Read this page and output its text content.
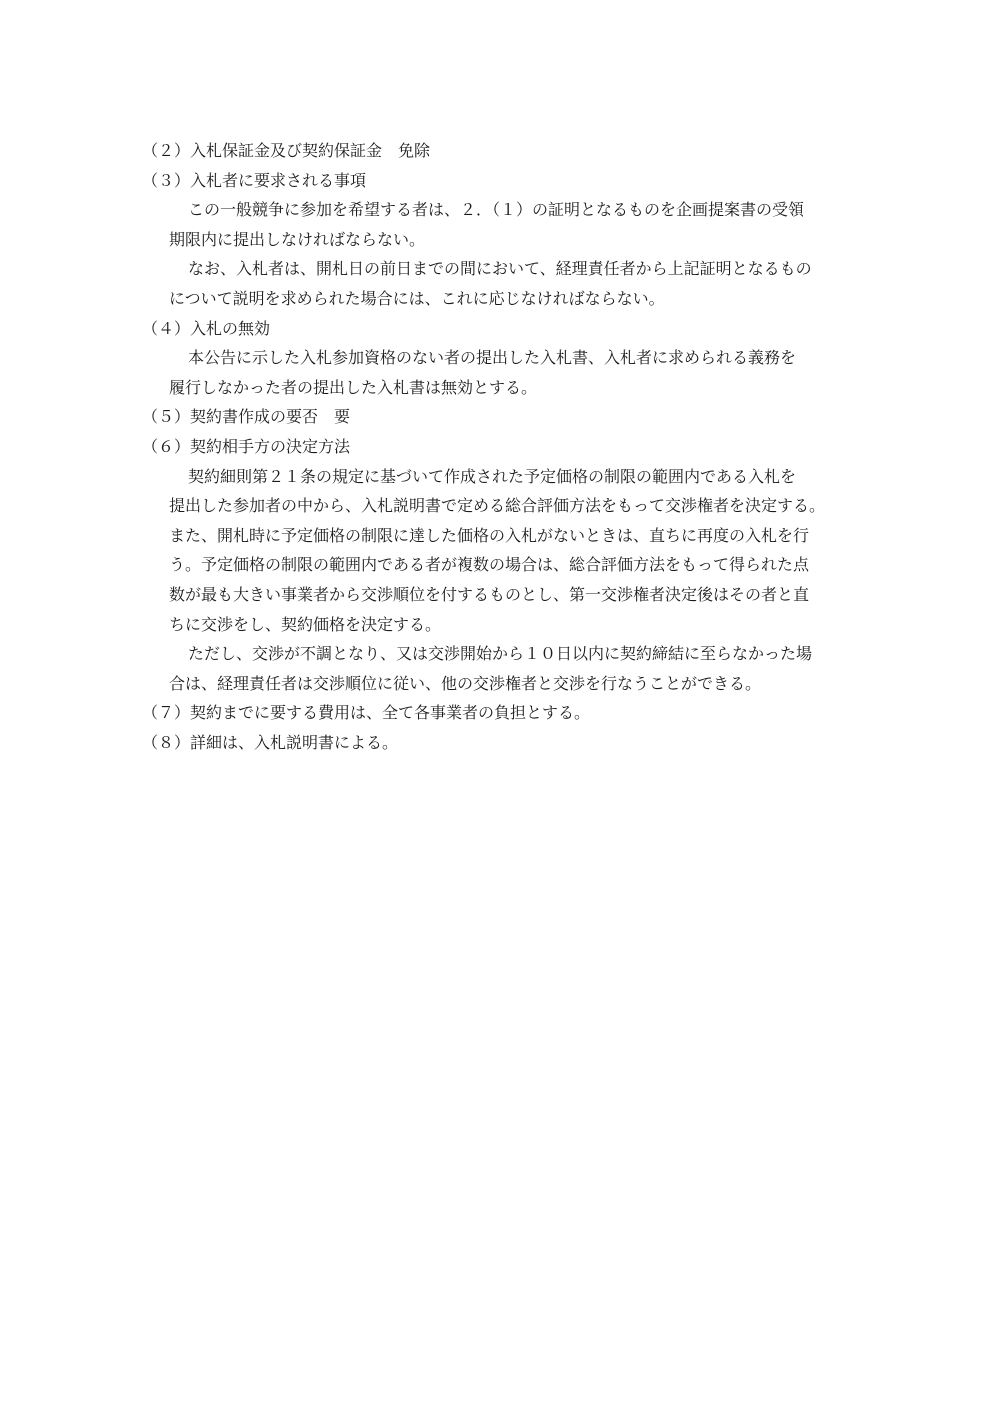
（２）入札保証金及び契約保証金　免除
（３）入札者に要求される事項
この一般競争に参加を希望する者は、２．（１）の証明となるものを企画提案書の受領
期限内に提出しなければならない。
なお、入札者は、開札日の前日までの間において、経理責任者から上記証明となるもの
について説明を求められた場合には、これに応じなければならない。
（４）入札の無効
本公告に示した入札参加資格のない者の提出した入札書、入札者に求められる義務を
履行しなかった者の提出した入札書は無効とする。
（５）契約書作成の要否　要
（６）契約相手方の決定方法
契約細則第２１条の規定に基づいて作成された予定価格の制限の範囲内である入札を
提出した参加者の中から、入札説明書で定める総合評価方法をもって交渉権者を決定する。
また、開札時に予定価格の制限に達した価格の入札がないときは、直ちに再度の入札を行
う。予定価格の制限の範囲内である者が複数の場合は、総合評価方法をもって得られた点
数が最も大きい事業者から交渉順位を付するものとし、第一交渉権者決定後はその者と直
ちに交渉をし、契約価格を決定する。
ただし、交渉が不調となり、又は交渉開始から１０日以内に契約締結に至らなかった場
合は、経理責任者は交渉順位に従い、他の交渉権者と交渉を行なうことができる。
（７）契約までに要する費用は、全て各事業者の負担とする。
（８）詳細は、入札説明書による。
